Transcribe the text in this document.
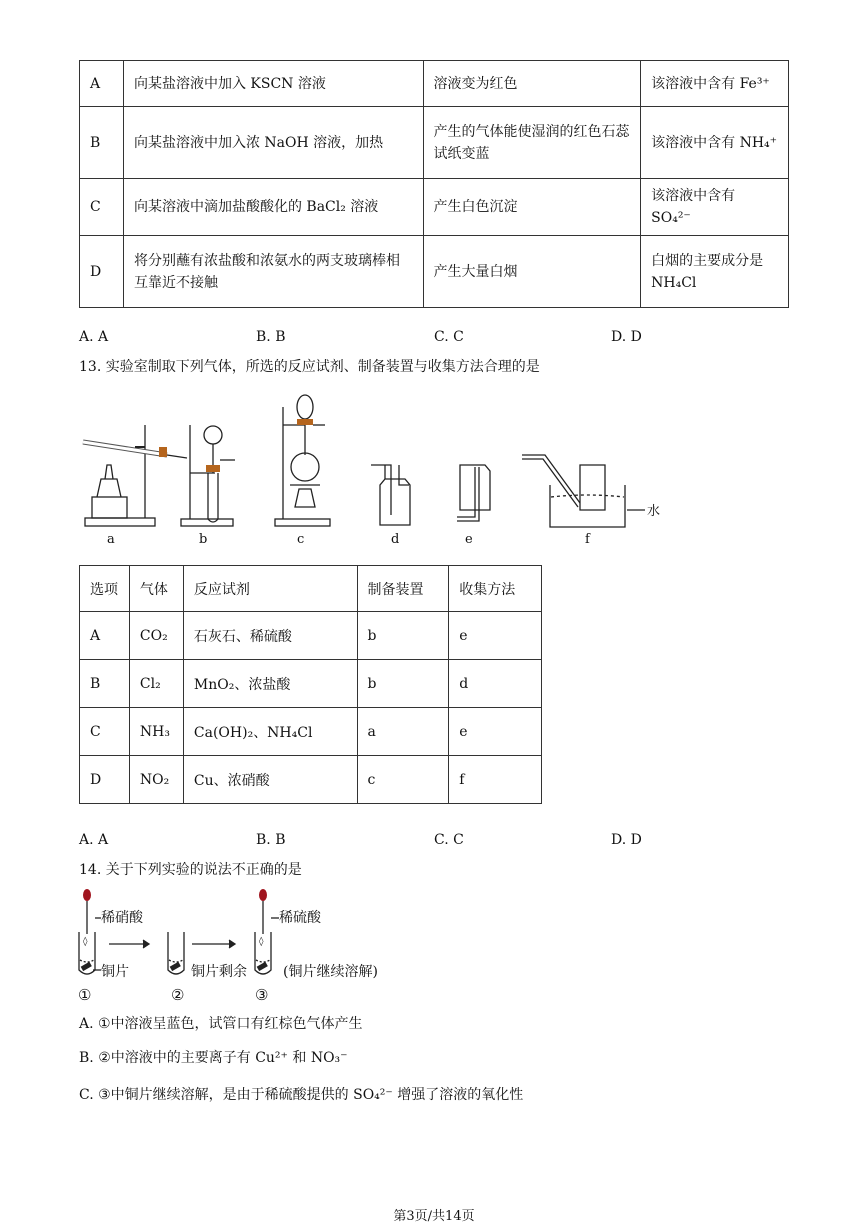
A	向某盐溶液中加入 KSCN 溶液	溶液变为红色	该溶液中含有 Fe³⁺
B	向某盐溶液中加入浓 NaOH 溶液，加热	产生的气体能使湿润的红色石蕊试纸变蓝	该溶液中含有 NH₄⁺
C	向某溶液中滴加盐酸酸化的 BaCl₂ 溶液	产生白色沉淀	该溶液中含有 SO₄²⁻
D	将分别蘸有浓盐酸和浓氨水的两支玻璃棒相互靠近不接触	产生大量白烟	白烟的主要成分是 NH₄Cl
A. A	B. B	C. C	D. D
13. 实验室制取下列气体，所选的反应试剂、制备装置与收集方法合理的是
a	b	c	d	e	f
水
选项	气体	反应试剂	制备装置	收集方法
A	CO₂	石灰石、稀硫酸	b	e
B	Cl₂	MnO₂、浓盐酸	b	d
C	NH₃	Ca(OH)₂、NH₄Cl	a	e
D	NO₂	Cu、浓硝酸	c	f
A. A	B. B	C. C	D. D
14. 关于下列实验的说法不正确的是
◊
稀硝酸
铜片
①	②
铜片剩余
◊
稀硫酸
(铜片继续溶解)
③
A. ①中溶液呈蓝色，试管口有红棕色气体产生
B. ②中溶液中的主要离子有 Cu²⁺ 和 NO₃⁻
C. ③中铜片继续溶解，是由于稀硫酸提供的 SO₄²⁻ 增强了溶液的氧化性
第3页/共14页
